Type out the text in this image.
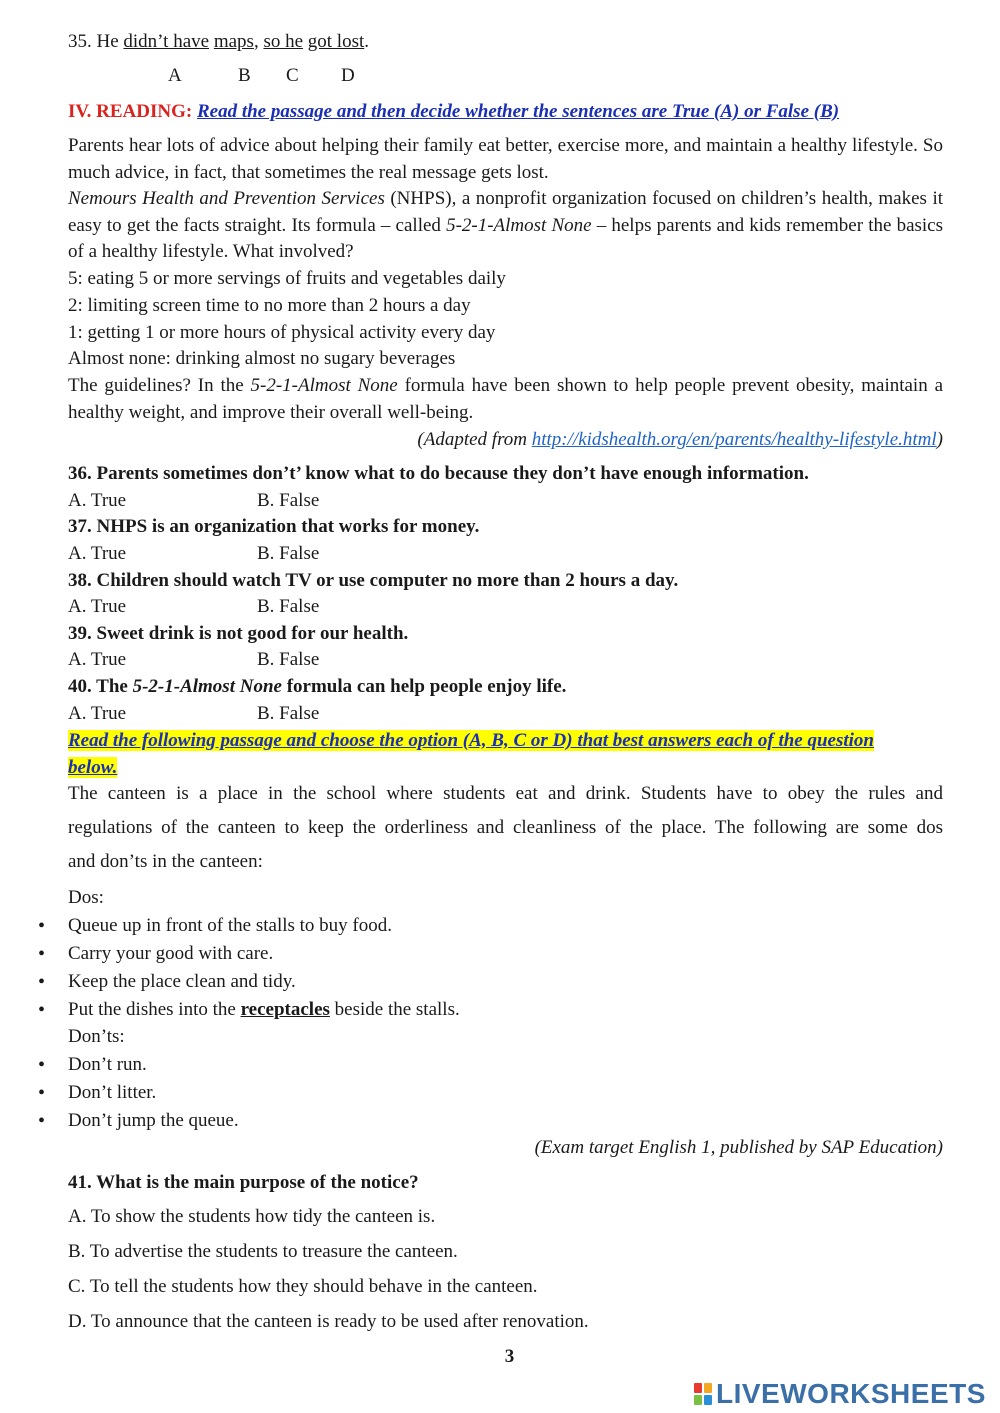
35. He didn’t have maps, so he got lost.
A	B C D
IV. READING: Read the passage and then decide whether the sentences are True (A) or False (B)
Parents hear lots of advice about helping their family eat better, exercise more, and maintain a healthy lifestyle. So much advice, in fact, that sometimes the real message gets lost.
Nemours Health and Prevention Services (NHPS), a nonprofit organization focused on children’s health, makes it easy to get the facts straight. Its formula – called 5-2-1-Almost None – helps parents and kids remember the basics of a healthy lifestyle. What involved?
5: eating 5 or more servings of fruits and vegetables daily
2: limiting screen time to no more than 2 hours a day
1: getting 1 or more hours of physical activity every day
Almost none: drinking almost no sugary beverages
The guidelines? In the 5-2-1-Almost None formula have been shown to help people prevent obesity, maintain a healthy weight, and improve their overall well-being.
(Adapted from http://kidshealth.org/en/parents/healthy-lifestyle.html)
36. Parents sometimes don’t’ know what to do because they don’t have enough information.
A. True	B. False
37. NHPS is an organization that works for money.
A. True	B. False
38. Children should watch TV or use computer no more than 2 hours a day.
A. True	B. False
39. Sweet drink is not good for our health.
A. True	B. False
40. The 5-2-1-Almost None formula can help people enjoy life.
A. True	B. False
Read the following passage and choose the option (A, B, C or D) that best answers each of the question
below.
The canteen is a place in the school where students eat and drink. Students have to obey the rules and
regulations of the canteen to keep the orderliness and cleanliness of the place. The following are some dos
and don’ts in the canteen:
Dos:
• Queue up in front of the stalls to buy food.
• Carry your good with care.
• Keep the place clean and tidy.
• Put the dishes into the receptacles beside the stalls.
Don’ts:
• Don’t run.
• Don’t litter.
• Don’t jump the queue.
(Exam target English 1, published by SAP Education)
41. What is the main purpose of the notice?
A. To show the students how tidy the canteen is.
B. To advertise the students to treasure the canteen.
C. To tell the students how they should behave in the canteen.
D. To announce that the canteen is ready to be used after renovation.
3
LIVEWORKSHEETS
